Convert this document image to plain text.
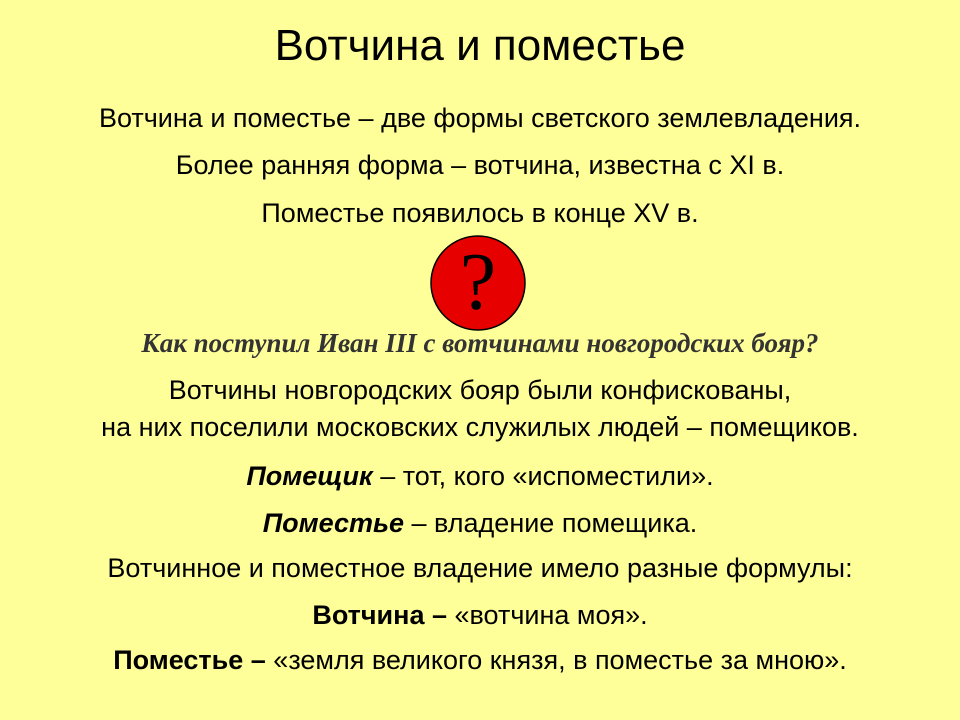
Вотчина и поместье
Вотчина и поместье – две формы светского землевладения.
Более ранняя форма – вотчина, известна с XI в.
Поместье появилось в конце XV в.
?
Как поступил Иван III с вотчинами новгородских бояр?
Вотчины новгородских бояр были конфискованы,
на них поселили московских служилых людей – помещиков.
Помещик – тот, кого «испоместили».
Поместье – владение помещика.
Вотчинное и поместное владение имело разные формулы:
Вотчина – «вотчина моя».
Поместье – «земля великого князя, в поместье за мною».
